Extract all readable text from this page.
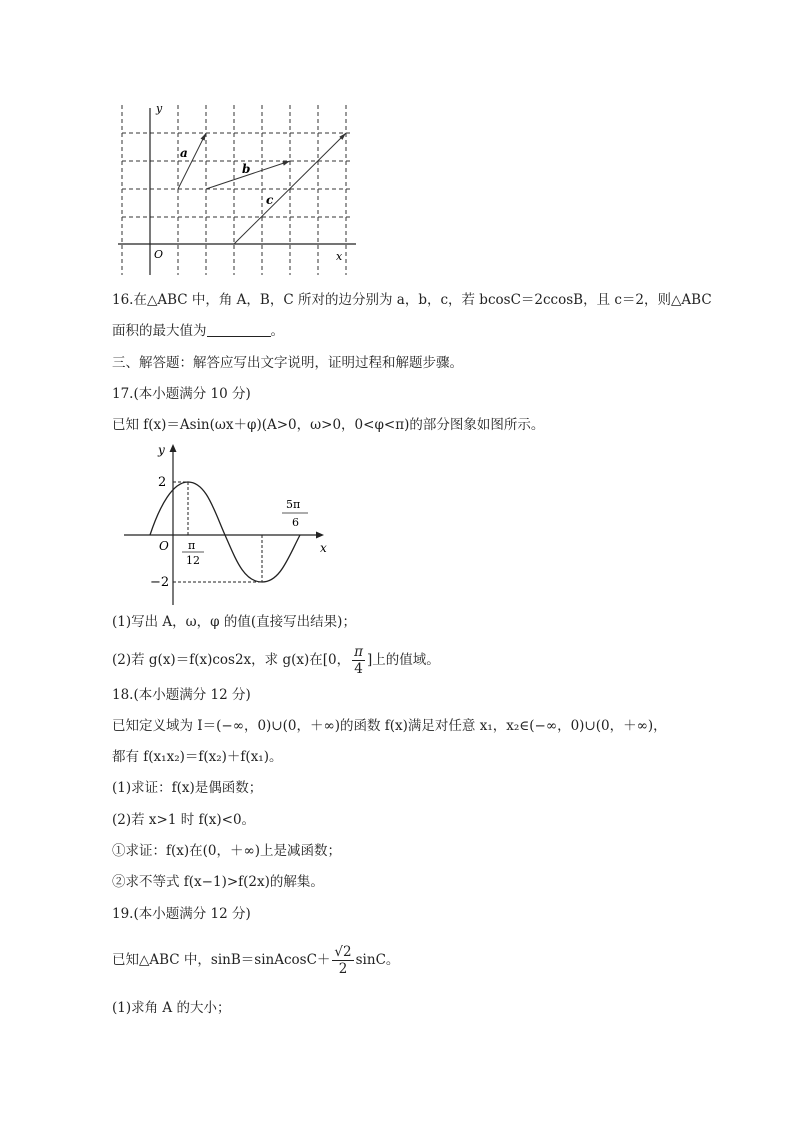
y
x
O
a
b
c
16.在△ABC 中，角 A，B，C 所对的边分别为 a，b，c，若 bcosC＝2ccosB，且 c＝2，则△ABC
面积的最大值为	。
三、解答题：解答应写出文字说明，证明过程和解题步骤。
17.(本小题满分 10 分)
已知 f(x)＝Asin(ωx＋φ)(A>0，ω>0，0<φ<π)的部分图象如图所示。
y
x
O
2
−2
π
12
5π
6
(1)写出 A，ω，φ 的值(直接写出结果)；
(2)若 g(x)＝f(x)cos2x，求 g(x)在[0， $\frac{\pi}{4}$ ]上的值域。
18.(本小题满分 12 分)
已知定义域为 I＝(−∞，0)∪(0，＋∞)的函数 f(x)满足对任意 x₁，x₂∈(−∞，0)∪(0，＋∞)，
都有 f(x₁x₂)＝f(x₂)＋f(x₁)。
(1)求证：f(x)是偶函数；
(2)若 x>1 时 f(x)<0。
①求证：f(x)在(0，＋∞)上是减函数；
②求不等式 f(x−1)>f(2x)的解集。
19.(本小题满分 12 分)
已知△ABC 中，sinB＝sinAcosC＋ $\frac{√2}{2}$ sinC。
(1)求角 A 的大小；
